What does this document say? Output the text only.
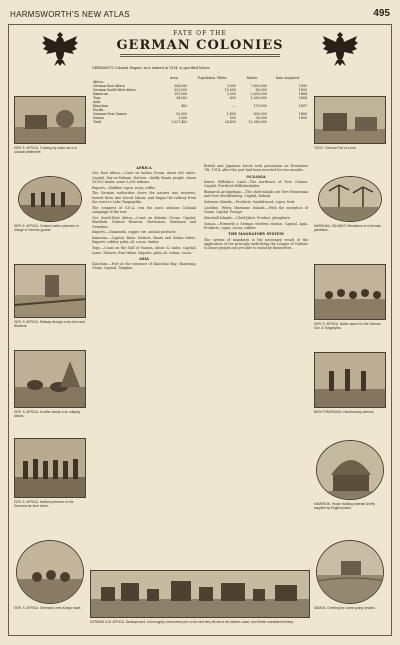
HARMSWORTH'S NEW ATLAS	495
FATE OF THE
GERMAN COLONIES
GER. E. AFRICA. Trucking by motor car in a colonial settlement.
GER. E. AFRICA. Chained native prisoners in charge of German guards.
GER. S. AFRICA. Railway through a dry river near Windhuk.
GER. S. AFRICA. A native family in an outlying district.
GER. E. AFRICA. Natives prisoners of the Germans far from home.
GER. S. AFRICA. Germany's new Kongo trade.
TOGO. German Port of Lome.
MARSHALL ISLANDS. Residence of a German plantation.
GER. E. AFRICA. Native dance for the German Gov. & Tanganyika.
NEW POMERANIA. Headhunting warriors.
KAMERUN. House building material chiefly supplied by English palms.
SAMOA. Greeting the ocean going vessels.
GERMANY'S Colonial Empire, as it existed in 1914, is specified below:
	Area.	Population. White.	Native.	Date Acquired.
Africa:				
German East Africa	384,000	5,000	7,600,000	1890
German South-West Africa	322,000	15,000	80,000	1890
Kamerun	191,000	2,000	2,600,000	1884
Togo	34,000	400	1,000,000	1884
Asia:				
Kiaochau	400	—	170,000	1897
Pacific:				
German New Guinea	92,000	1,400	600,000	1885
Samoa	1,000	500	35,000	1899
Total	1,027,400	24,400	12,085,000	
AFRICA
Ger. East Africa.—Coast on Indian Ocean, about 600 miles. Capital, Dar-es-Salaam. Natives, chiefly Bantu people, about 10,000 Arabs, some 5,000 Indians.
Exports.—Rubber, copra, ivory, coffee.
The German authorities drove the natives into reserves, turned them into forced labour, and began the railway from the coast to Lake Tanganyika.
The conquest of G.E.A. was the most arduous Colonial campaign of the war.
Ger. South-West Africa.—Coast on Atlantic Ocean. Capital, Windhuk. Natives Hereros, Hottentots, Bushmen and Ovambos.
Exports.—Diamonds, copper ore, animal products.
Kamerun.—Capital, Buea. Natives, Bantu and Sudan tribes. Exports: rubber, palm oil, cocoa, timber.
Togo.—Coast on the Gulf of Guinea, about 32 miles. Capital, Lome. Natives, Ewe tribes. Exports: palm oil, cotton, cocoa.
ASIA
Kiaochau.—Port at the entrance of Kiaochau Bay, Shantung, China. Capital, Tsingtao.
British and Japanese forces took possession on November 7th, 1914, after the port had been invested for two months.
OCEANIA
Kaiser Wilhelm's Land.—The northeast of New Guinea. Capital, Friedrich-Wilhelmshafen.
Bismarck Archipelago.—The chief islands are New Pomerania and New Mecklenburg. Capital, Rabaul.
Solomon Islands.—Products: Sandalwood, copra, fruit.
Caroline, Pelew, Marianne Islands.—With the exception of Guam. Capital, Ponape.
Marshall Islands.—Chief Jaluit. Product, phosphate.
Samoa.—Formerly a German wireless station. Capital, Apia. Products, copra, cocoa, rubber.
THE MANDATORY SYSTEM
The system of mandates is the necessary result of the application of the principle underlying the League of Nations to those peoples not yet able to stand by themselves.
GERMAN S.W. AFRICA. Swakopmund, a thoroughly constructed port on the arid fiery littoral of the Atlantic coast, now British mandated territory.
